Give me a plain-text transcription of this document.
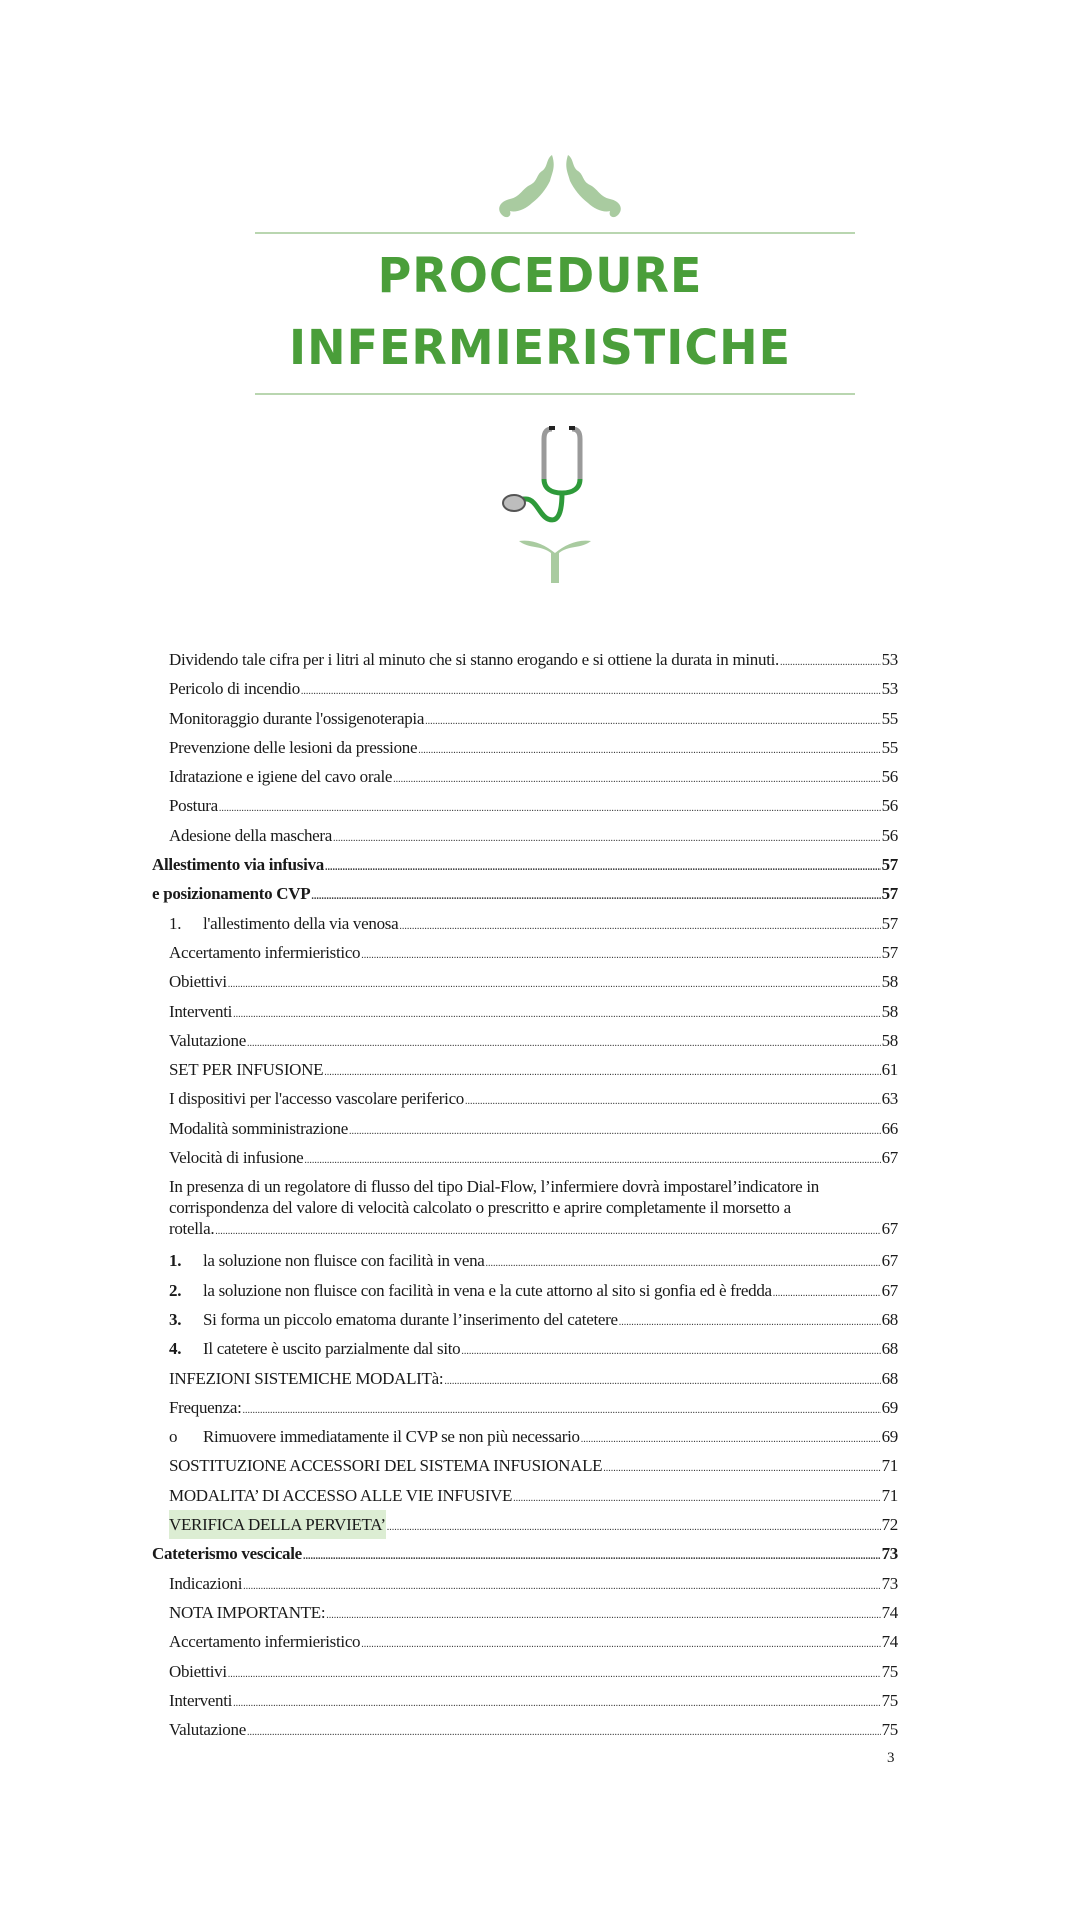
PROCEDURE
INFERMIERISTICHE
Dividendo tale cifra per i litri al minuto che si stanno erogando e si ottiene la durata in minuti. .....	53
Pericolo di incendio .....	53
Monitoraggio durante l'ossigenoterapia .....	55
Prevenzione delle lesioni da pressione .....	55
Idratazione e igiene del cavo orale .....	56
Postura .....	56
Adesione della maschera .....	56
Allestimento via infusiva .....	57
e posizionamento CVP .....	57
1.	l'allestimento della via venosa .....	57
Accertamento infermieristico .....	57
Obiettivi .....	58
Interventi .....	58
Valutazione .....	58
SET PER INFUSIONE .....	61
I dispositivi per l'accesso vascolare periferico .....	63
Modalità somministrazione .....	66
Velocità di infusione .....	67
In presenza di un regolatore di flusso del tipo Dial-Flow, l’infermiere dovrà impostarel’indicatore in
corrispondenza del valore di velocità calcolato o prescritto e aprire completamente il morsetto a
rotella. .....	67
1.	la soluzione non fluisce con facilità in vena .....	67
2.	la soluzione non fluisce con facilità in vena e la cute attorno al sito si gonfia ed è fredda .....	67
3.	Si forma un piccolo ematoma durante l’inserimento del catetere .....	68
4.	Il catetere è uscito parzialmente dal sito .....	68
INFEZIONI SISTEMICHE MODALITà: .....	68
Frequenza: .....	69
o	Rimuovere immediatamente il CVP se non più necessario .....	69
SOSTITUZIONE ACCESSORI DEL SISTEMA INFUSIONALE .....	71
MODALITA’ DI ACCESSO ALLE VIE INFUSIVE .....	71
VERIFICA DELLA PERVIETA’ .....	72
Cateterismo vescicale .....	73
Indicazioni .....	73
NOTA IMPORTANTE: .....	74
Accertamento infermieristico .....	74
Obiettivi .....	75
Interventi .....	75
Valutazione .....	75
3
